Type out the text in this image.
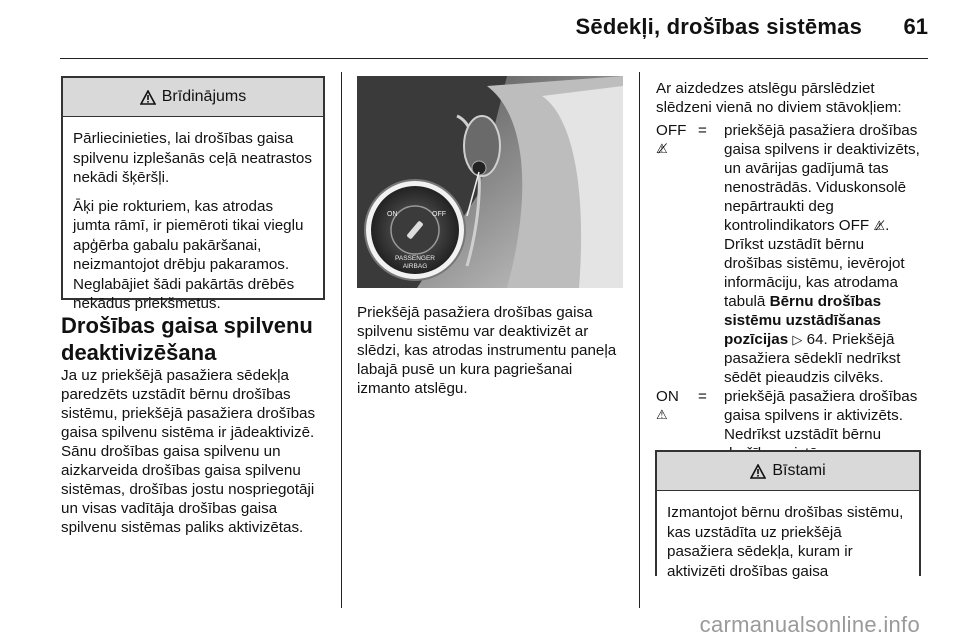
Sēdekļi, drošības sistēmas 61
Brīdinājums

Pārliecinieties, lai drošības gaisa spilvenu izplešanās ceļā neatrastos nekādi šķēršļi.

Āķi pie rokturiem, kas atrodas jumta rāmī, ir piemēroti tikai vieglu apģērba gabalu pakāršanai, neizmantojot drēbju pakaramos. Neglabājiet šādi pakārtās drēbēs nekādus priekšmetus.

Drošības gaisa spilvenu
deaktivizēšana

Ja uz priekšējā pasažiera sēdekļa paredzēts uzstādīt bērnu drošības sistēmu, priekšējā pasažiera drošības gaisa spilvenu sistēma ir jādeaktivizē. Sānu drošības gaisa spilvenu un aizkarveida drošības gaisa spilvenu sistēmas, drošības jostu nospriegotāji un visas vadītāja drošības gaisa spilvenu sistēmas paliks aktivizētas.

ON	OFF
PASSENGER
AIRBAG

Priekšējā pasažiera drošības gaisa spilvenu sistēmu var deaktivizēt ar slēdzi, kas atrodas instrumentu paneļa labajā pusē un kura pagriešanai izmanto atslēgu.

Ar aizdedzes atslēgu pārslēdziet slēdzeni vienā no diviem stāvokļiem:

OFF
⚠̸
=	priekšējā pasažiera drošības gaisa spilvens ir deaktivizēts, un avārijas gadījumā tas nenostrādās. Viduskonsolē nepārtraukti deg kontrolindikators OFF ⚠̸. Drīkst uzstādīt bērnu drošības sistēmu, ievērojot informāciju, kas atrodama tabulā Bērnu drošības sistēmu uzstādīšanas pozīcijas ▷ 64. Priekšējā pasažiera sēdeklī nedrīkst sēdēt pieaudzis cilvēks.
ON
⚠
=	priekšējā pasažiera drošības gaisa spilvens ir aktivizēts. Nedrīkst uzstādīt bērnu
Bīstami

Izmantojot bērnu drošības sistēmu, kas uzstādīta uz priekšējā pasažiera sēdekļa, kuram ir aktivizēti drošības gaisa

carmanualsonline.info
